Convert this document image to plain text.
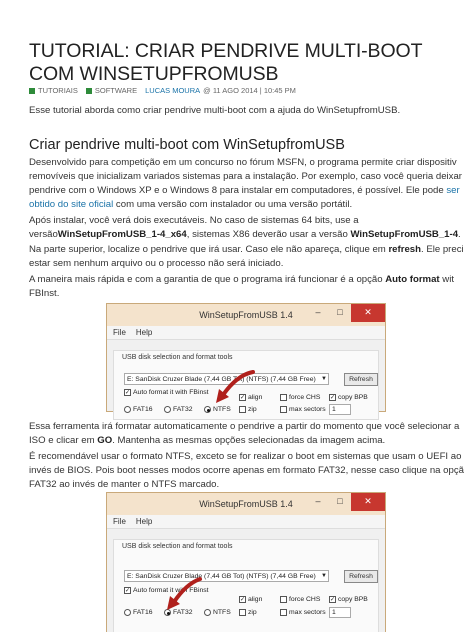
TUTORIAL: CRIAR PENDRIVE MULTI-BOOT COM WINSETUPFROMUSB
TUTORIAIS SOFTWARE LUCAS MOURA @ 11 AGO 2014 | 10:45 PM
Esse tutorial aborda como criar pendrive multi-boot com a ajuda do WinSetupfromUSB.
Criar pendrive multi-boot com WinSetupfromUSB
Desenvolvido para competição em um concurso no fórum MSFN, o programa permite criar dispositiv
removíveis que inicializam variados sistemas para a instalação. Por exemplo, caso você queria deixar
pendrive com o Windows XP e o Windows 8 para instalar em computadores, é possível. Ele pode ser
obtido do site oficial com uma versão com instalador ou uma versão portátil.
Após instalar, você verá dois executáveis. No caso de sistemas 64 bits, use a
versãoWinSetupFromUSB_1-4_x64, sistemas X86 deverão usar a versão WinSetupFromUSB_1-4.
Na parte superior, localize o pendrive que irá usar. Caso ele não apareça, clique em refresh. Ele preci
estar sem nenhum arquivo ou o processo não será iniciado.
A maneira mais rápida e com a garantia de que o programa irá funcionar é a opção Auto format wit
FBInst.
WinSetupFromUSB 1.4	–	□	✕
File Help
USB disk selection and format tools
E: SanDisk Cruzer Blade (7,44 GB Tot) (NTFS) (7,44 GB Free) ▼	Refresh
✓ Auto format it with FBinst
✓ align	force CHS ✓ copy BPB
FAT16	FAT32	NTFS	zip	max sectors 1
Essa ferramenta irá formatar automaticamente o pendrive a partir do momento que você selecionar a
ISO e clicar em GO. Mantenha as mesmas opções selecionadas da imagem acima.
É recomendável usar o formato NTFS, exceto se for realizar o boot em sistemas que usam o UEFI ao
invés de BIOS. Pois boot nesses modos ocorre apenas em formato FAT32, nesse caso clique na opçã
FAT32 ao invés de manter o NTFS marcado.
WinSetupFromUSB 1.4	–	□	✕
File Help
USB disk selection and format tools
E: SanDisk Cruzer Blade (7,44 GB Tot) (NTFS) (7,44 GB Free) ▼	Refresh
✓ Auto format it with FBinst
✓ align	force CHS ✓ copy BPB
FAT16	FAT32	NTFS	zip	max sectors 1
